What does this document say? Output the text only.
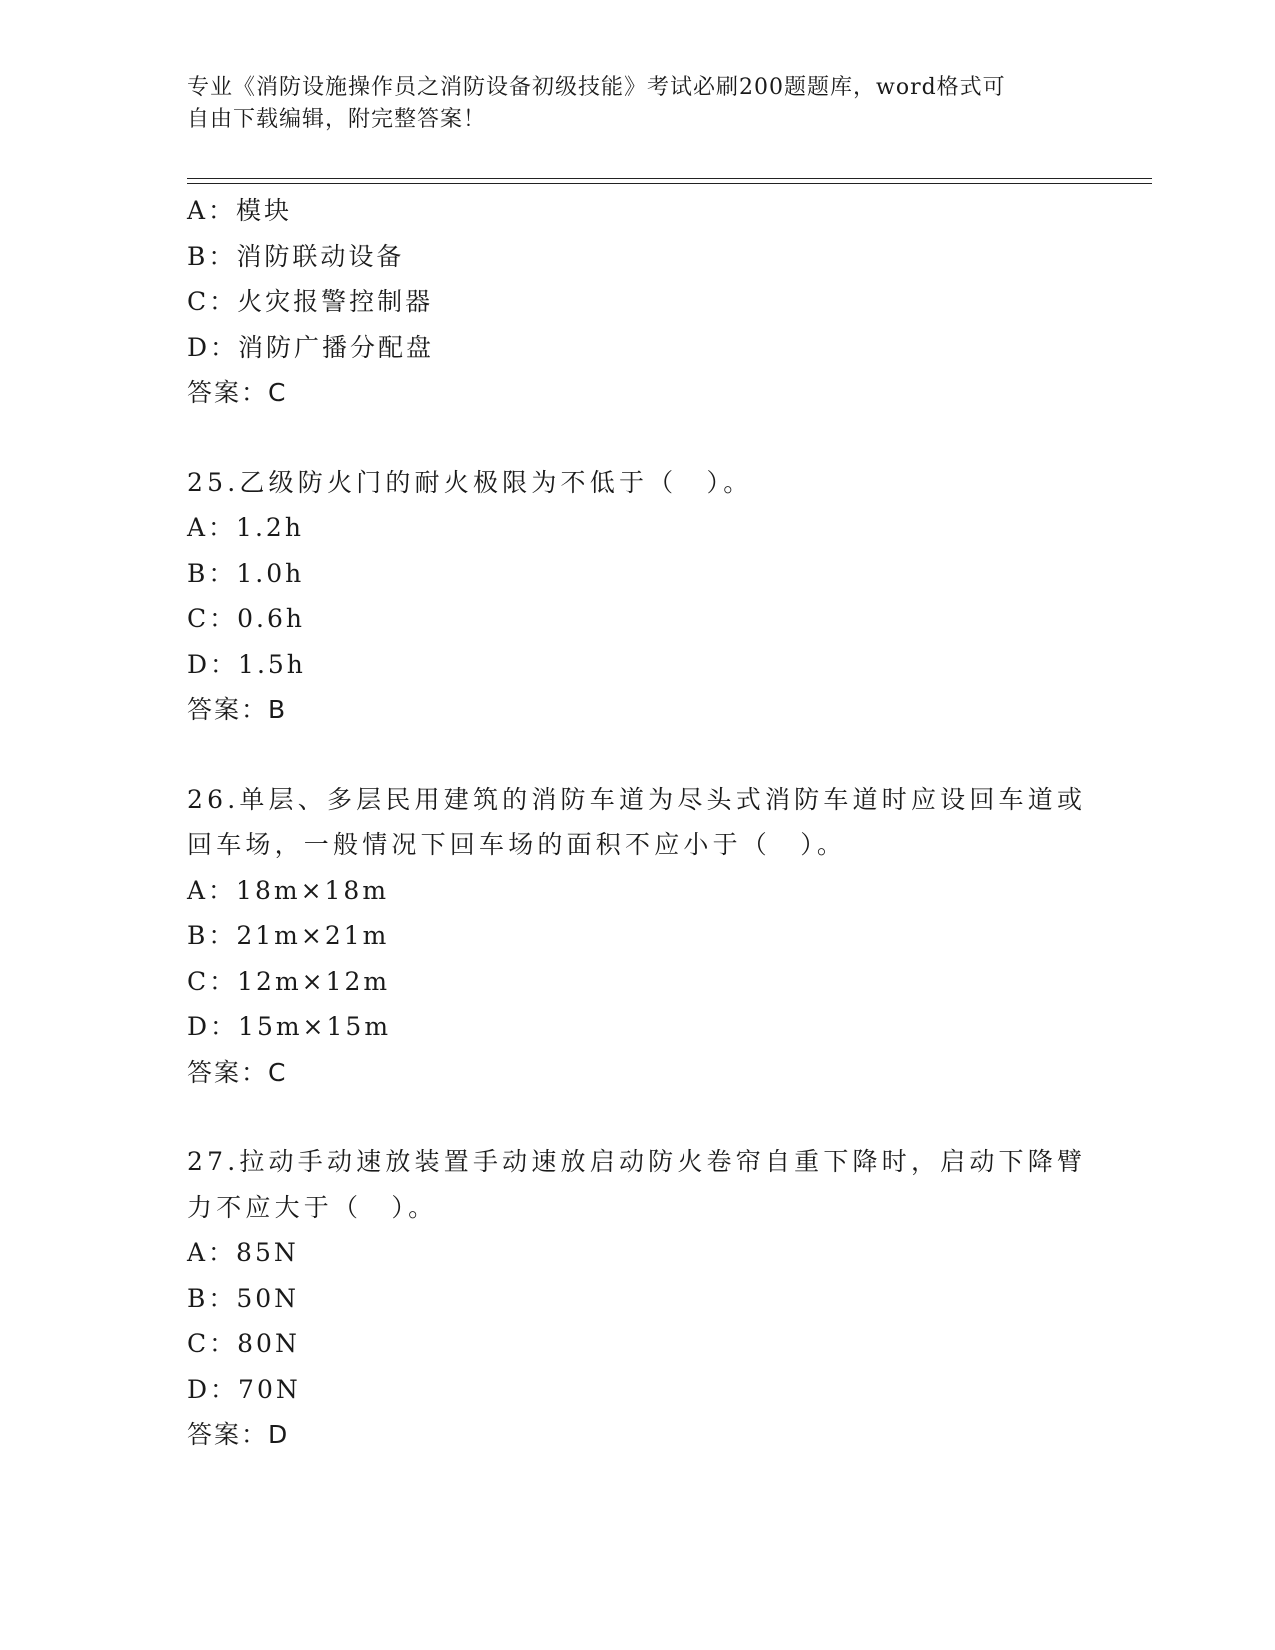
专业《消防设施操作员之消防设备初级技能》考试必刷200题题库，word格式可
自由下载编辑，附完整答案！
A：模块
B：消防联动设备
C：火灾报警控制器
D：消防广播分配盘
答案：C
25.乙级防火门的耐火极限为不低于（　）。
A：1.2h
B：1.0h
C：0.6h
D：1.5h
答案：B
26.单层、多层民用建筑的消防车道为尽头式消防车道时应设回车道或
回车场，一般情况下回车场的面积不应小于（　）。
A：18m×18m
B：21m×21m
C：12m×12m
D：15m×15m
答案：C
27.拉动手动速放装置手动速放启动防火卷帘自重下降时，启动下降臂
力不应大于（　）。
A：85N
B：50N
C：80N
D：70N
答案：D
